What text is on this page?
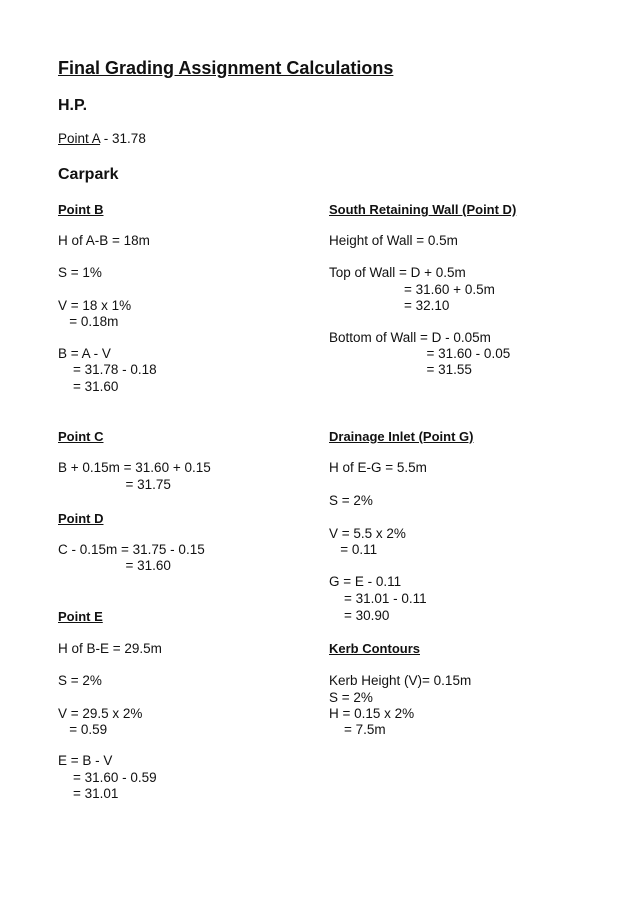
Final Grading Assignment Calculations
H.P.
Point A - 31.78
Carpark
Point B
H of A-B = 18m
S = 1%
V = 18 x 1%
= 0.18m
B = A - V
= 31.78 - 0.18
= 31.60
Point C
B + 0.15m = 31.60 + 0.15
= 31.75
Point D
C - 0.15m = 31.75 - 0.15
= 31.60
Point E
H of B-E = 29.5m
S = 2%
V = 29.5 x 2%
= 0.59
E = B - V
= 31.60 - 0.59
= 31.01
South Retaining Wall (Point D)
Height of Wall = 0.5m
Top of Wall = D + 0.5m
= 31.60 + 0.5m
= 32.10
Bottom of Wall = D - 0.05m
= 31.60 - 0.05
= 31.55
Drainage Inlet (Point G)
H of E-G = 5.5m
S = 2%
V = 5.5 x 2%
= 0.11
G = E - 0.11
= 31.01 - 0.11
= 30.90
Kerb Contours
Kerb Height (V)= 0.15m
S = 2%
H = 0.15 x 2%
= 7.5m
